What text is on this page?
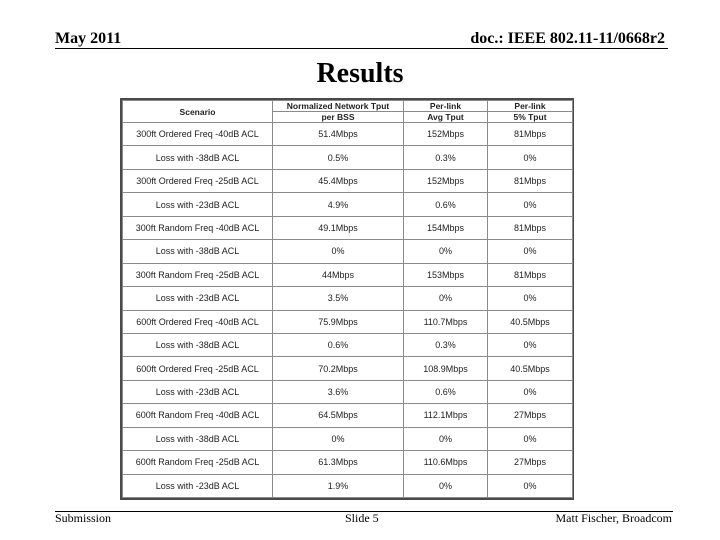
May 2011	doc.: IEEE 802.11-11/0668r2
Results
Scenario	Normalized Network Tput	Per-link	Per-link
	per BSS	Avg Tput	5% Tput
300ft Ordered Freq -40dB ACL	51.4Mbps	152Mbps	81Mbps
Loss with -38dB ACL	0.5%	0.3%	0%
300ft Ordered Freq -25dB ACL	45.4Mbps	152Mbps	81Mbps
Loss with -23dB ACL	4.9%	0.6%	0%
300ft Random Freq -40dB ACL	49.1Mbps	154Mbps	81Mbps
Loss with -38dB ACL	0%	0%	0%
300ft Random Freq -25dB ACL	44Mbps	153Mbps	81Mbps
Loss with -23dB ACL	3.5%	0%	0%
600ft Ordered Freq -40dB ACL	75.9Mbps	110.7Mbps	40.5Mbps
Loss with -38dB ACL	0.6%	0.3%	0%
600ft Ordered Freq -25dB ACL	70.2Mbps	108.9Mbps	40.5Mbps
Loss with -23dB ACL	3.6%	0.6%	0%
600ft Random Freq -40dB ACL	64.5Mbps	112.1Mbps	27Mbps
Loss with -38dB ACL	0%	0%	0%
600ft Random Freq -25dB ACL	61.3Mbps	110.6Mbps	27Mbps
Loss with -23dB ACL	1.9%	0%	0%
Submission	Slide 5	Matt Fischer, Broadcom
